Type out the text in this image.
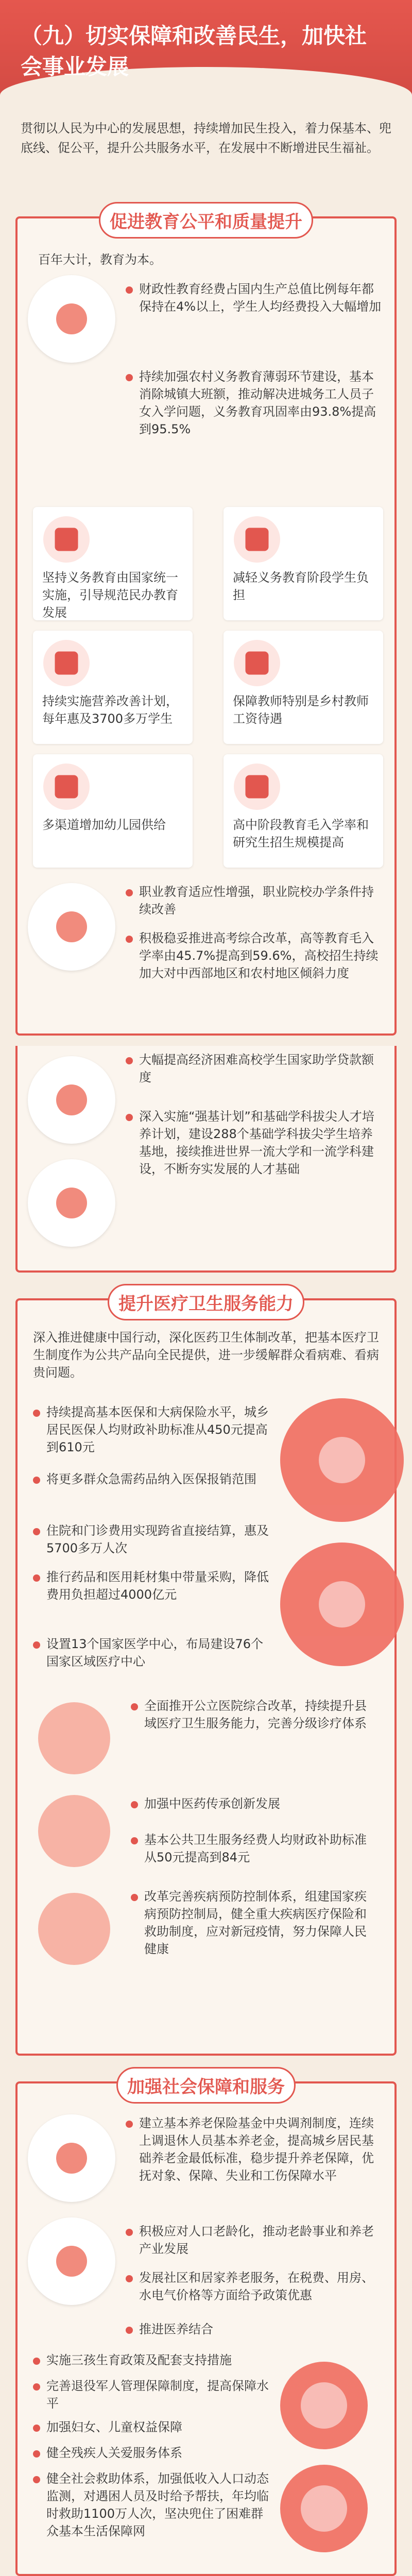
（九）切实保障和改善民生，加快社会事业发展
贯彻以人民为中心的发展思想，持续增加民生投入，着力保基本、兜底线、促公平，提升公共服务水平，在发展中不断增进民生福祉。
促进教育公平和质量提升
百年大计，教育为本。
财政性教育经费占国内生产总值比例每年都保持在4%以上，学生人均经费投入大幅增加
持续加强农村义务教育薄弱环节建设，基本消除城镇大班额，推动解决进城务工人员子女入学问题，义务教育巩固率由93.8%提高到95.5%
坚持义务教育由国家统一实施，引导规范民办教育发展
减轻义务教育阶段学生负担
持续实施营养改善计划，每年惠及3700多万学生
保障教师特别是乡村教师工资待遇
多渠道增加幼儿园供给	高中阶段教育毛入学率和研究生招生规模提高
职业教育适应性增强，职业院校办学条件持续改善
积极稳妥推进高考综合改革，高等教育毛入学率由45.7%提高到59.6%，高校招生持续加大对中西部地区和农村地区倾斜力度
大幅提高经济困难高校学生国家助学贷款额度
深入实施“强基计划”和基础学科拔尖人才培养计划，建设288个基础学科拔尖学生培养基地，接续推进世界一流大学和一流学科建设，不断夯实发展的人才基础
提升医疗卫生服务能力
深入推进健康中国行动，深化医药卫生体制改革，把基本医疗卫生制度作为公共产品向全民提供，进一步缓解群众看病难、看病贵问题。
持续提高基本医保和大病保险水平，城乡居民医保人均财政补助标准从450元提高到610元
将更多群众急需药品纳入医保报销范围
住院和门诊费用实现跨省直接结算，惠及5700多万人次
推行药品和医用耗材集中带量采购，降低费用负担超过4000亿元
设置13个国家医学中心，布局建设76个国家区域医疗中心
全面推开公立医院综合改革，持续提升县域医疗卫生服务能力，完善分级诊疗体系
加强中医药传承创新发展
基本公共卫生服务经费人均财政补助标准从50元提高到84元
改革完善疾病预防控制体系，组建国家疾病预防控制局，健全重大疾病医疗保险和救助制度，应对新冠疫情，努力保障人民健康
加强社会保障和服务
建立基本养老保险基金中央调剂制度，连续上调退休人员基本养老金，提高城乡居民基础养老金最低标准，稳步提升养老保障，优抚对象、保障、失业和工伤保障水平
积极应对人口老龄化，推动老龄事业和养老产业发展
发展社区和居家养老服务，在税费、用房、水电气价格等方面给予政策优惠
推进医养结合
实施三孩生育政策及配套支持措施
完善退役军人管理保障制度，提高保障水平
加强妇女、儿童权益保障
健全残疾人关爱服务体系
健全社会救助体系，加强低收入人口动态监测，对遇困人员及时给予帮扶，年均临时救助1100万人次，坚决兜住了困难群众基本生活保障网
